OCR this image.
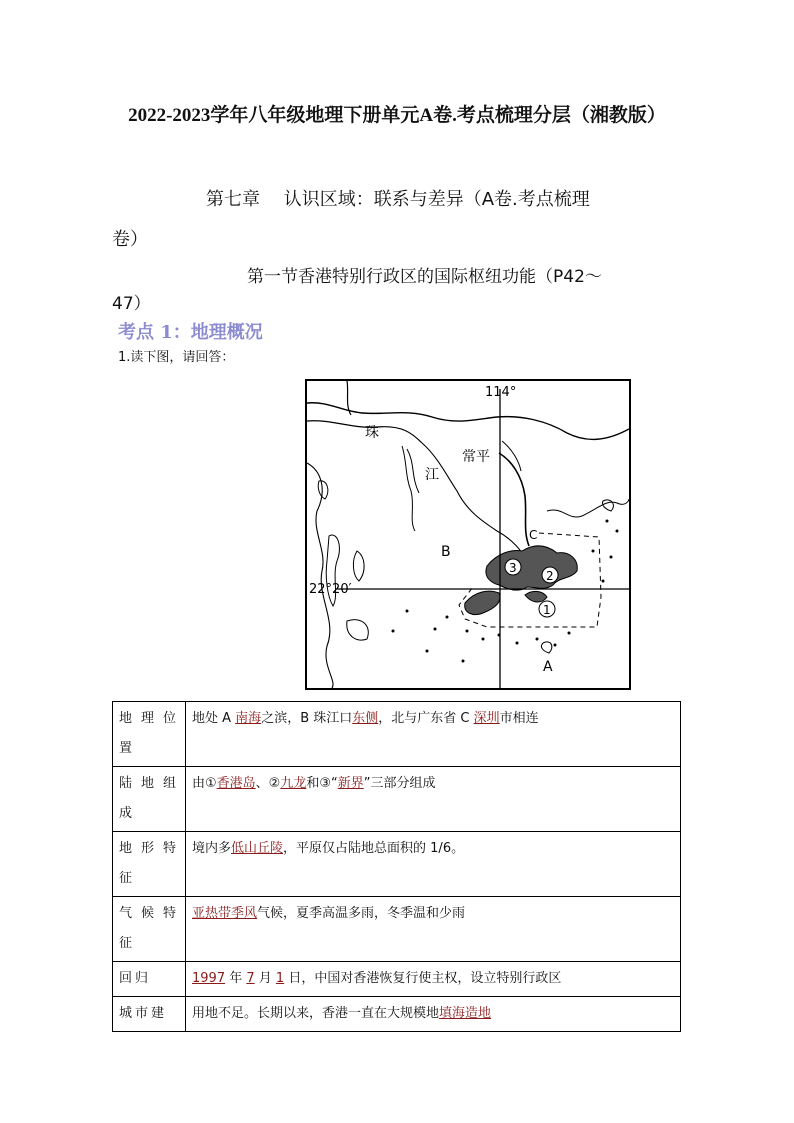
2022-2023学年八年级地理下册单元A卷.考点梳理分层（湘教版）
第七章　 认识区域：联系与差异（A卷.考点梳理
卷）
第一节香港特别行政区的国际枢纽功能（P42～
47）
考点 1：地理概况
1.读下图，请回答：
114°
22°20′
珠
江
常平
B
C
A
1
2
3
地理位置	地处 A 南海之滨，B 珠江口东侧，北与广东省 C 深圳市相连
陆地组成	由①香港岛、②九龙和③“新界”三部分组成
地形特征	境内多低山丘陵，平原仅占陆地总面积的 1/6。
气候特征	亚热带季风气候，夏季高温多雨，冬季温和少雨
回归	1997 年 7 月 1 日，中国对香港恢复行使主权，设立特别行政区
城市建	用地不足。长期以来，香港一直在大规模地填海造地
